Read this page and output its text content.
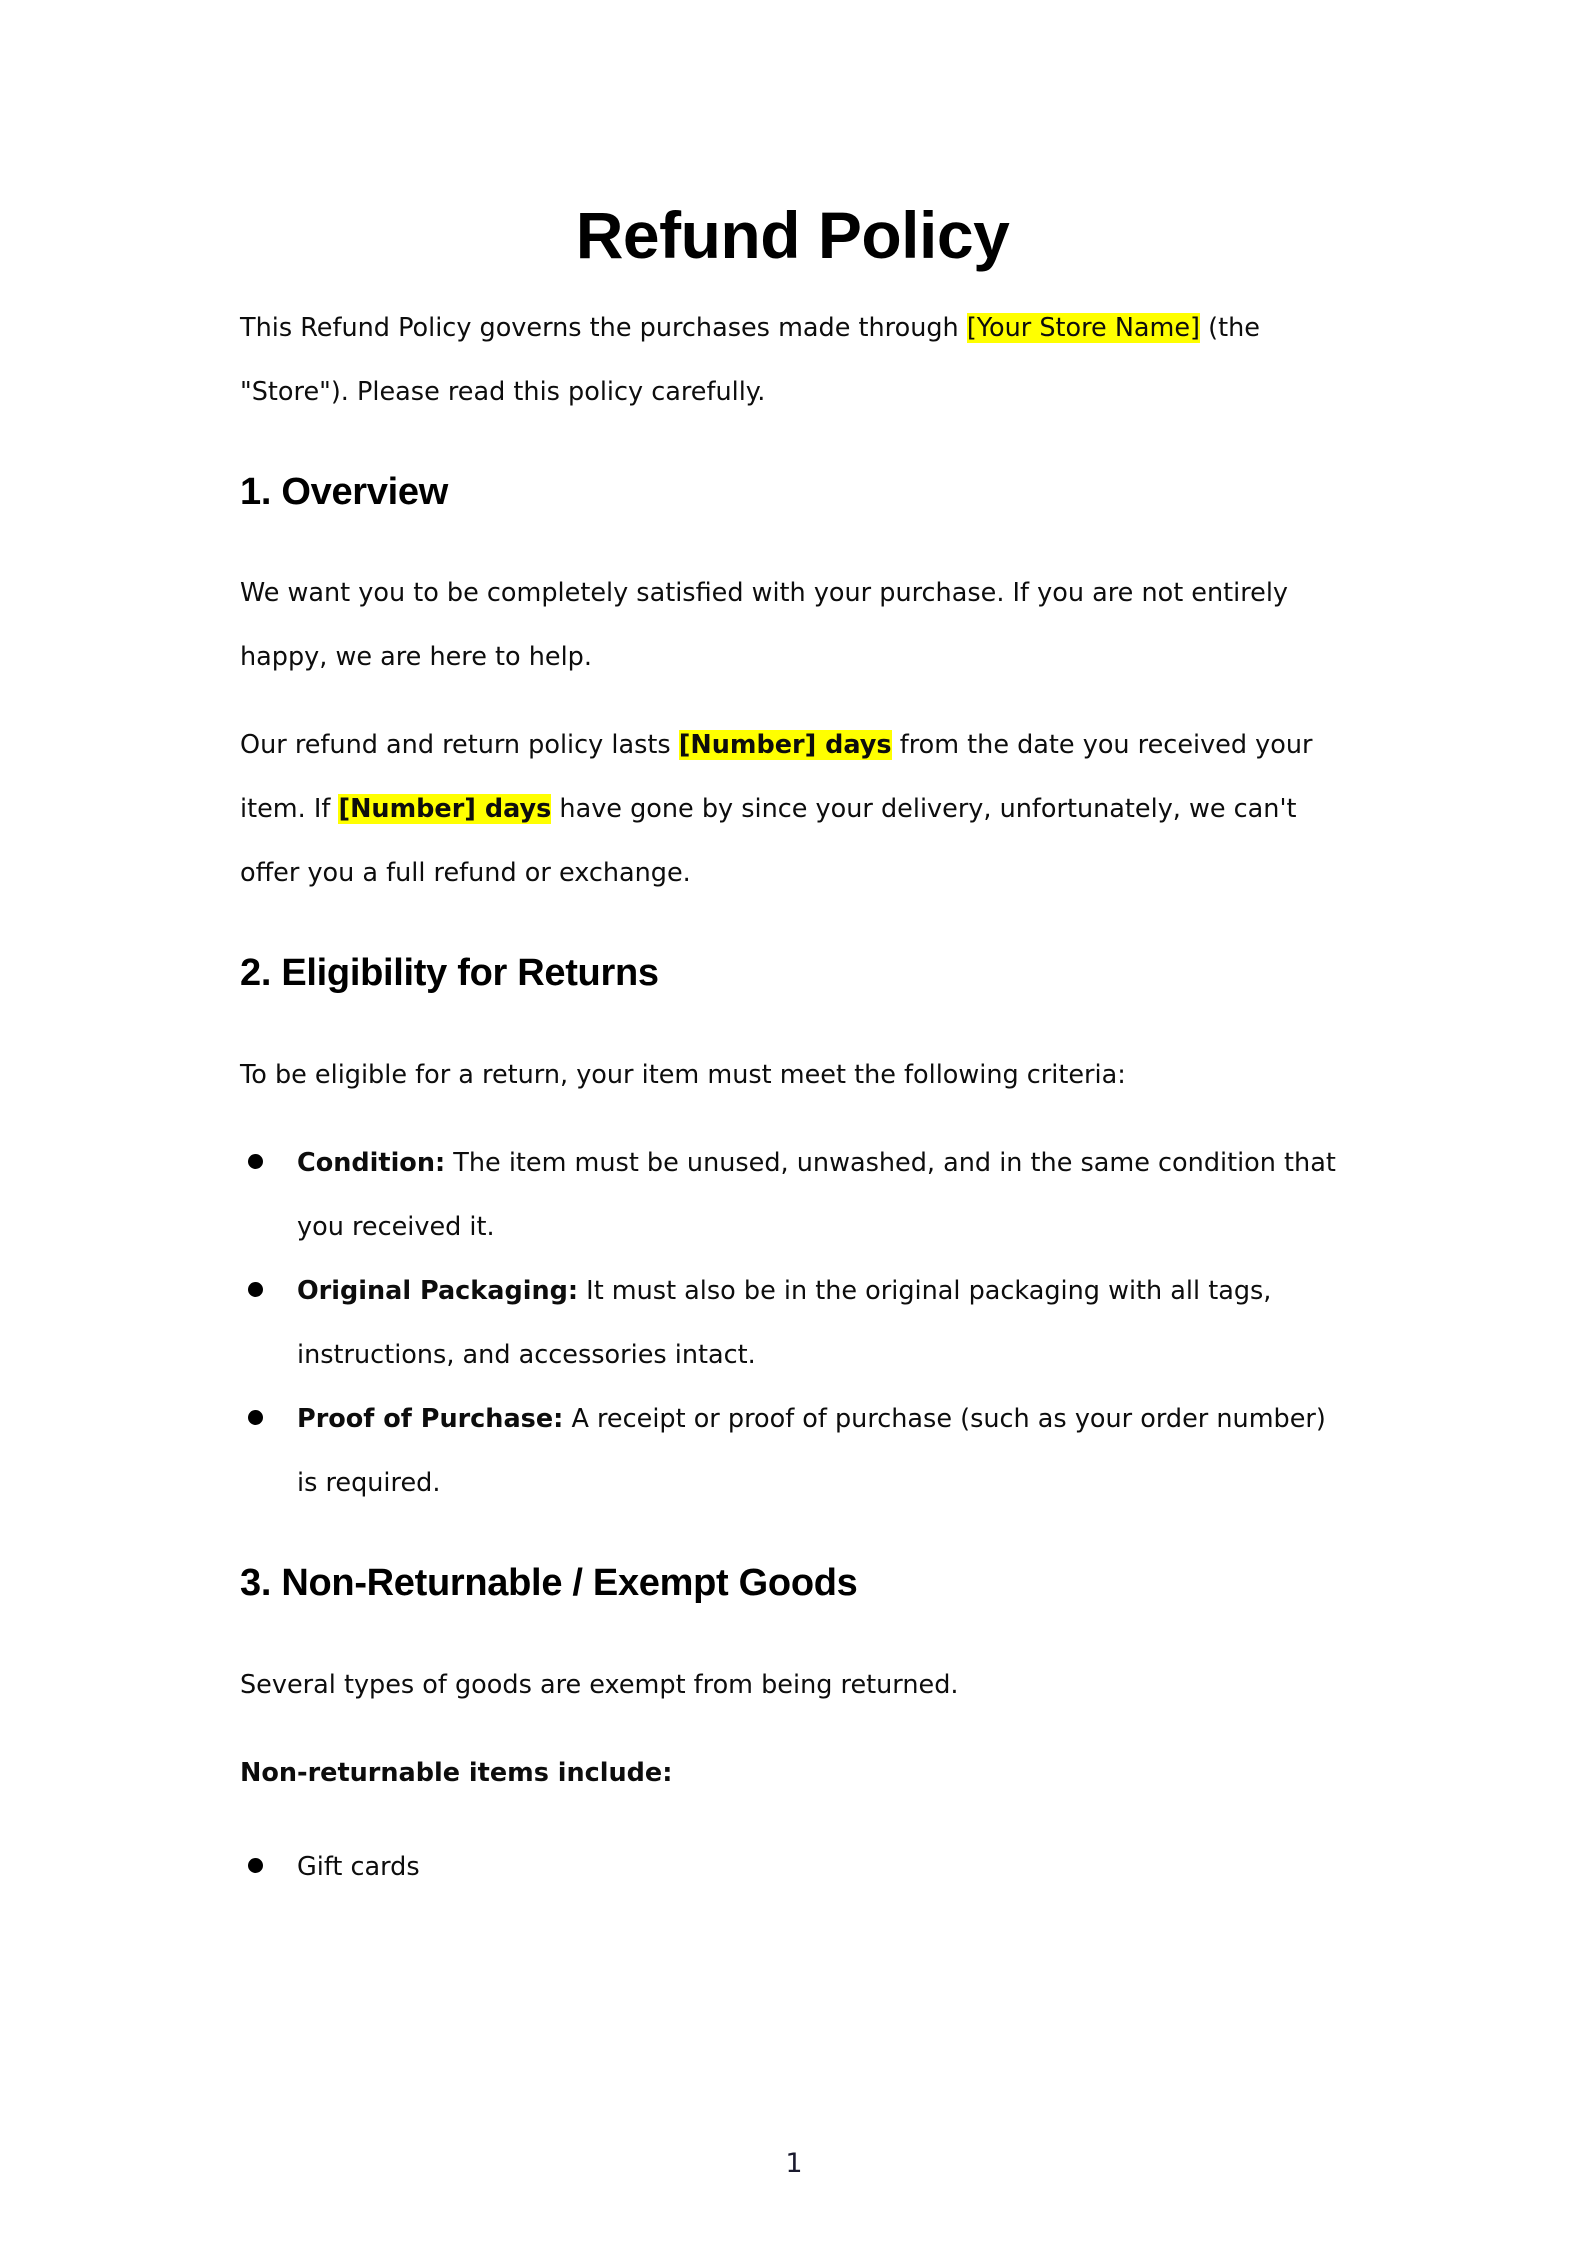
Refund Policy

This Refund Policy governs the purchases made through [Your Store Name] (the "Store"). Please read this policy carefully.

1. Overview

We want you to be completely satisfied with your purchase. If you are not entirely happy, we are here to help.

Our refund and return policy lasts [Number] days from the date you received your item. If [Number] days have gone by since your delivery, unfortunately, we can't offer you a full refund or exchange.

2. Eligibility for Returns

To be eligible for a return, your item must meet the following criteria:

Condition: The item must be unused, unwashed, and in the same condition that you received it.
Original Packaging: It must also be in the original packaging with all tags, instructions, and accessories intact.
Proof of Purchase: A receipt or proof of purchase (such as your order number) is required.
3. Non-Returnable / Exempt Goods

Several types of goods are exempt from being returned.

Non-returnable items include:

Gift cards
1
